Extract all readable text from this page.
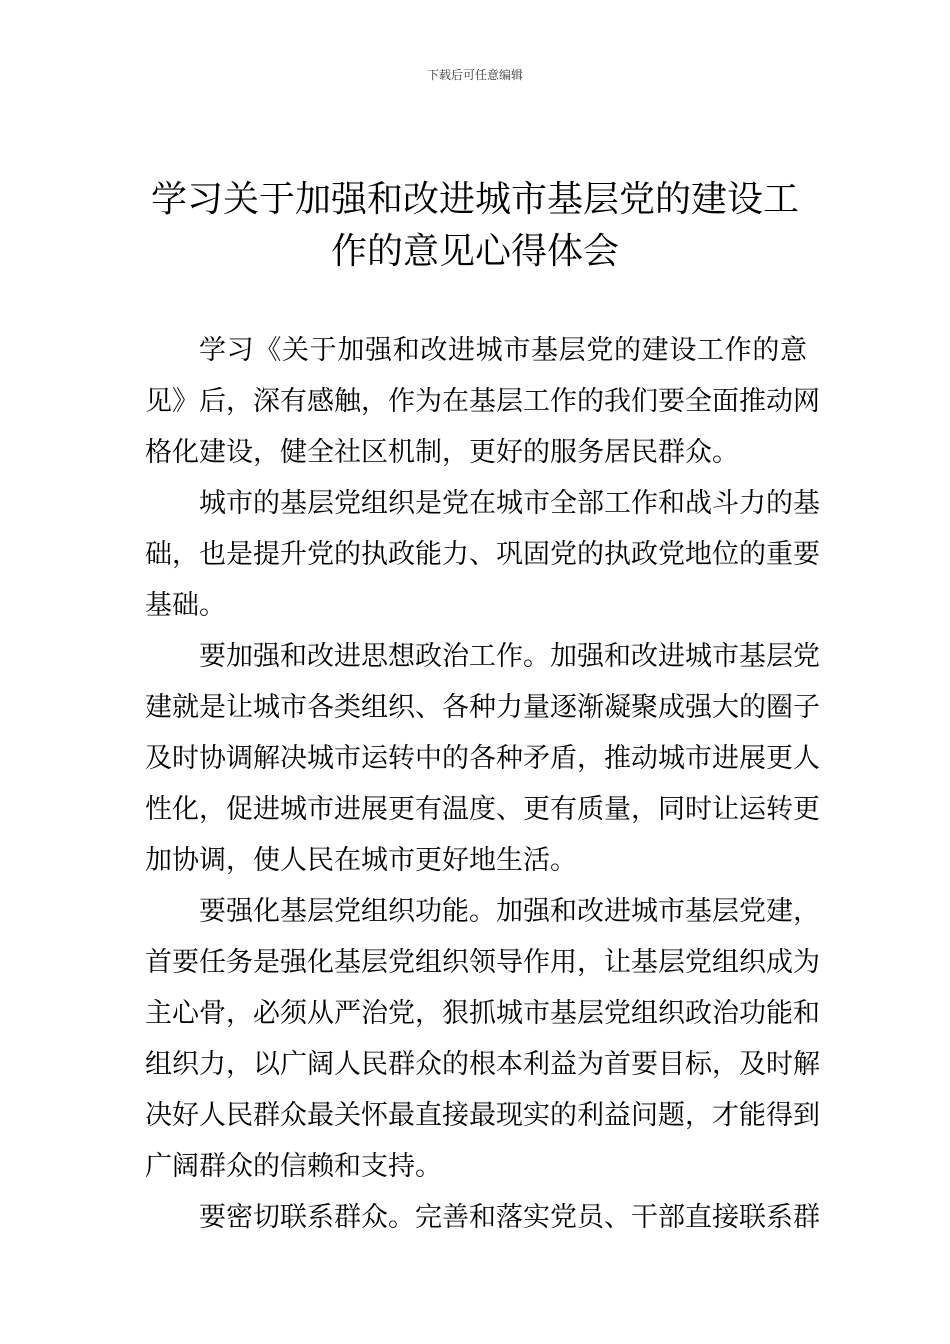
下载后可任意编辑
学习关于加强和改进城市基层党的建设工
作的意见心得体会
学习《关于加强和改进城市基层党的建设工作的意
见》后，深有感触，作为在基层工作的我们要全面推动网
格化建设，健全社区机制，更好的服务居民群众。
城市的基层党组织是党在城市全部工作和战斗力的基
础，也是提升党的执政能力、巩固党的执政党地位的重要
基础。
要加强和改进思想政治工作。加强和改进城市基层党
建就是让城市各类组织、各种力量逐渐凝聚成强大的圈子
及时协调解决城市运转中的各种矛盾，推动城市进展更人
性化，促进城市进展更有温度、更有质量，同时让运转更
加协调，使人民在城市更好地生活。
要强化基层党组织功能。加强和改进城市基层党建，
首要任务是强化基层党组织领导作用，让基层党组织成为
主心骨，必须从严治党，狠抓城市基层党组织政治功能和
组织力，以广阔人民群众的根本利益为首要目标，及时解
决好人民群众最关怀最直接最现实的利益问题，才能得到
广阔群众的信赖和支持。
要密切联系群众。完善和落实党员、干部直接联系群
